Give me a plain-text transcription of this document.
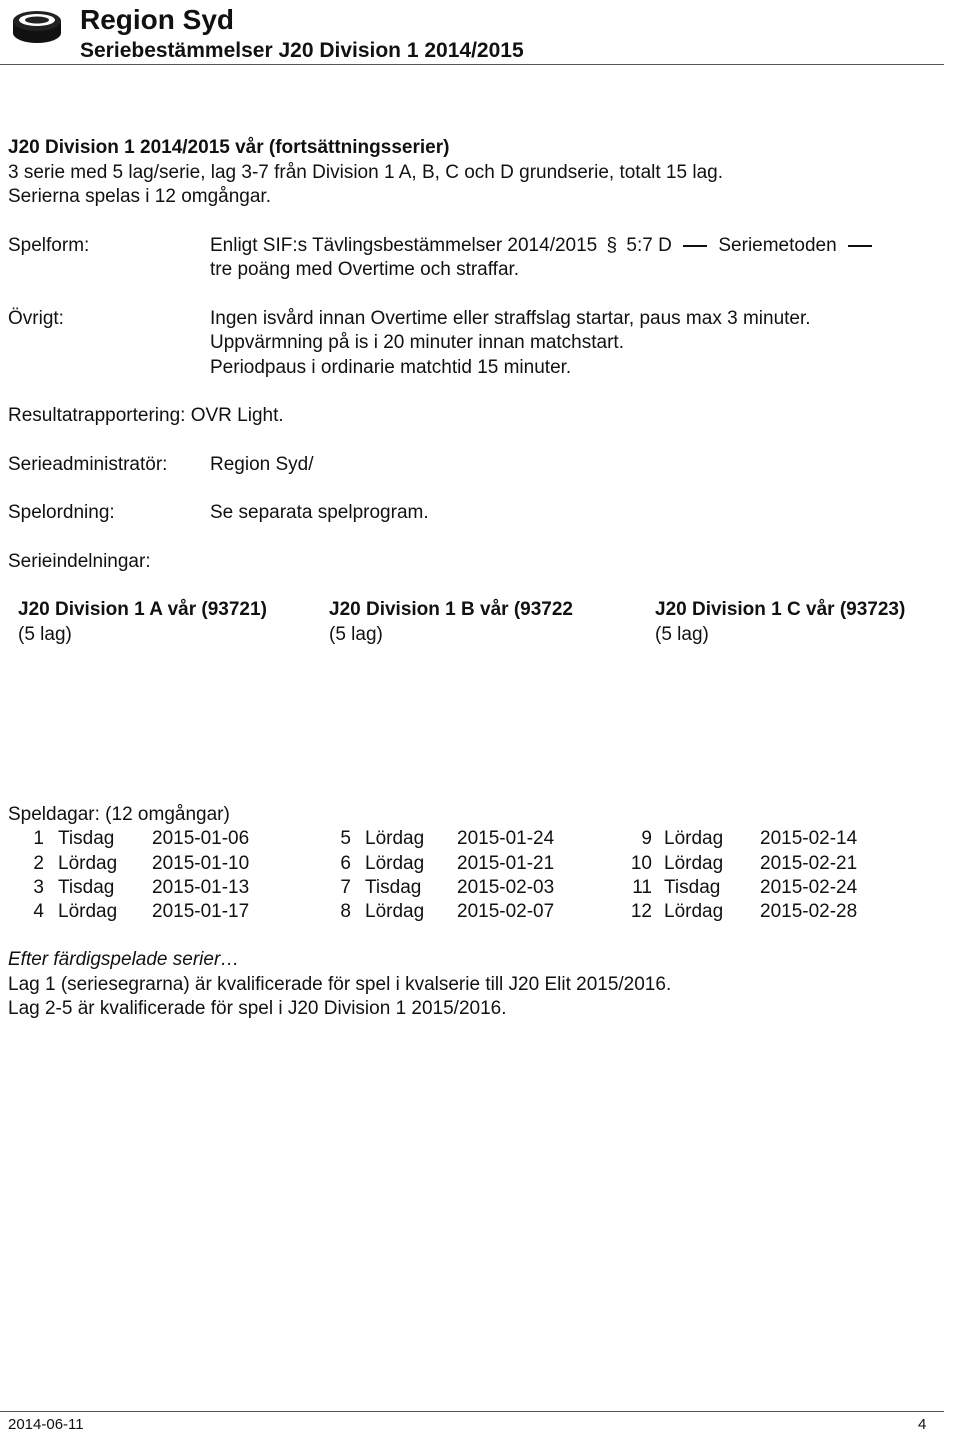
Region Syd
Seriebestämmelser J20 Division 1 2014/2015
J20 Division 1 2014/2015 vår (fortsättningsserier)
3 serie med 5 lag/serie, lag 3-7 från Division 1 A, B, C och D grundserie, totalt 15 lag.
Serierna spelas i 12 omgångar.
Spelform:	Enligt SIF:s Tävlingsbestämmelser 2014/2015 § 5:7 D Seriemetoden
tre poäng med Overtime och straffar.
Övrigt:	Ingen isvård innan Overtime eller straffslag startar, paus max 3 minuter.
Uppvärmning på is i 20 minuter innan matchstart.
Periodpaus i ordinarie matchtid 15 minuter.
Resultatrapportering: OVR Light.
Serieadministratör: Region Syd/
Spelordning:	Se separata spelprogram.
Serieindelningar:
J20 Division 1 A vår (93721)
(5 lag)
J20 Division 1 B vår (93722
(5 lag)
J20 Division 1 C vår (93723)
(5 lag)
Speldagar: (12 omgångar)
1 Tisdag 2015-01-06
2 Lördag 2015-01-10
3 Tisdag 2015-01-13
4 Lördag 2015-01-17
5 Lördag 2015-01-24
6 Lördag 2015-01-21
7 Tisdag 2015-02-03
8 Lördag 2015-02-07
9 Lördag 2015-02-14
10 Lördag 2015-02-21
11 Tisdag 2015-02-24
12 Lördag 2015-02-28
Efter färdigspelade serier…
Lag 1 (seriesegrarna) är kvalificerade för spel i kvalserie till J20 Elit 2015/2016.
Lag 2-5 är kvalificerade för spel i J20 Division 1 2015/2016.
2014-06-11	4
